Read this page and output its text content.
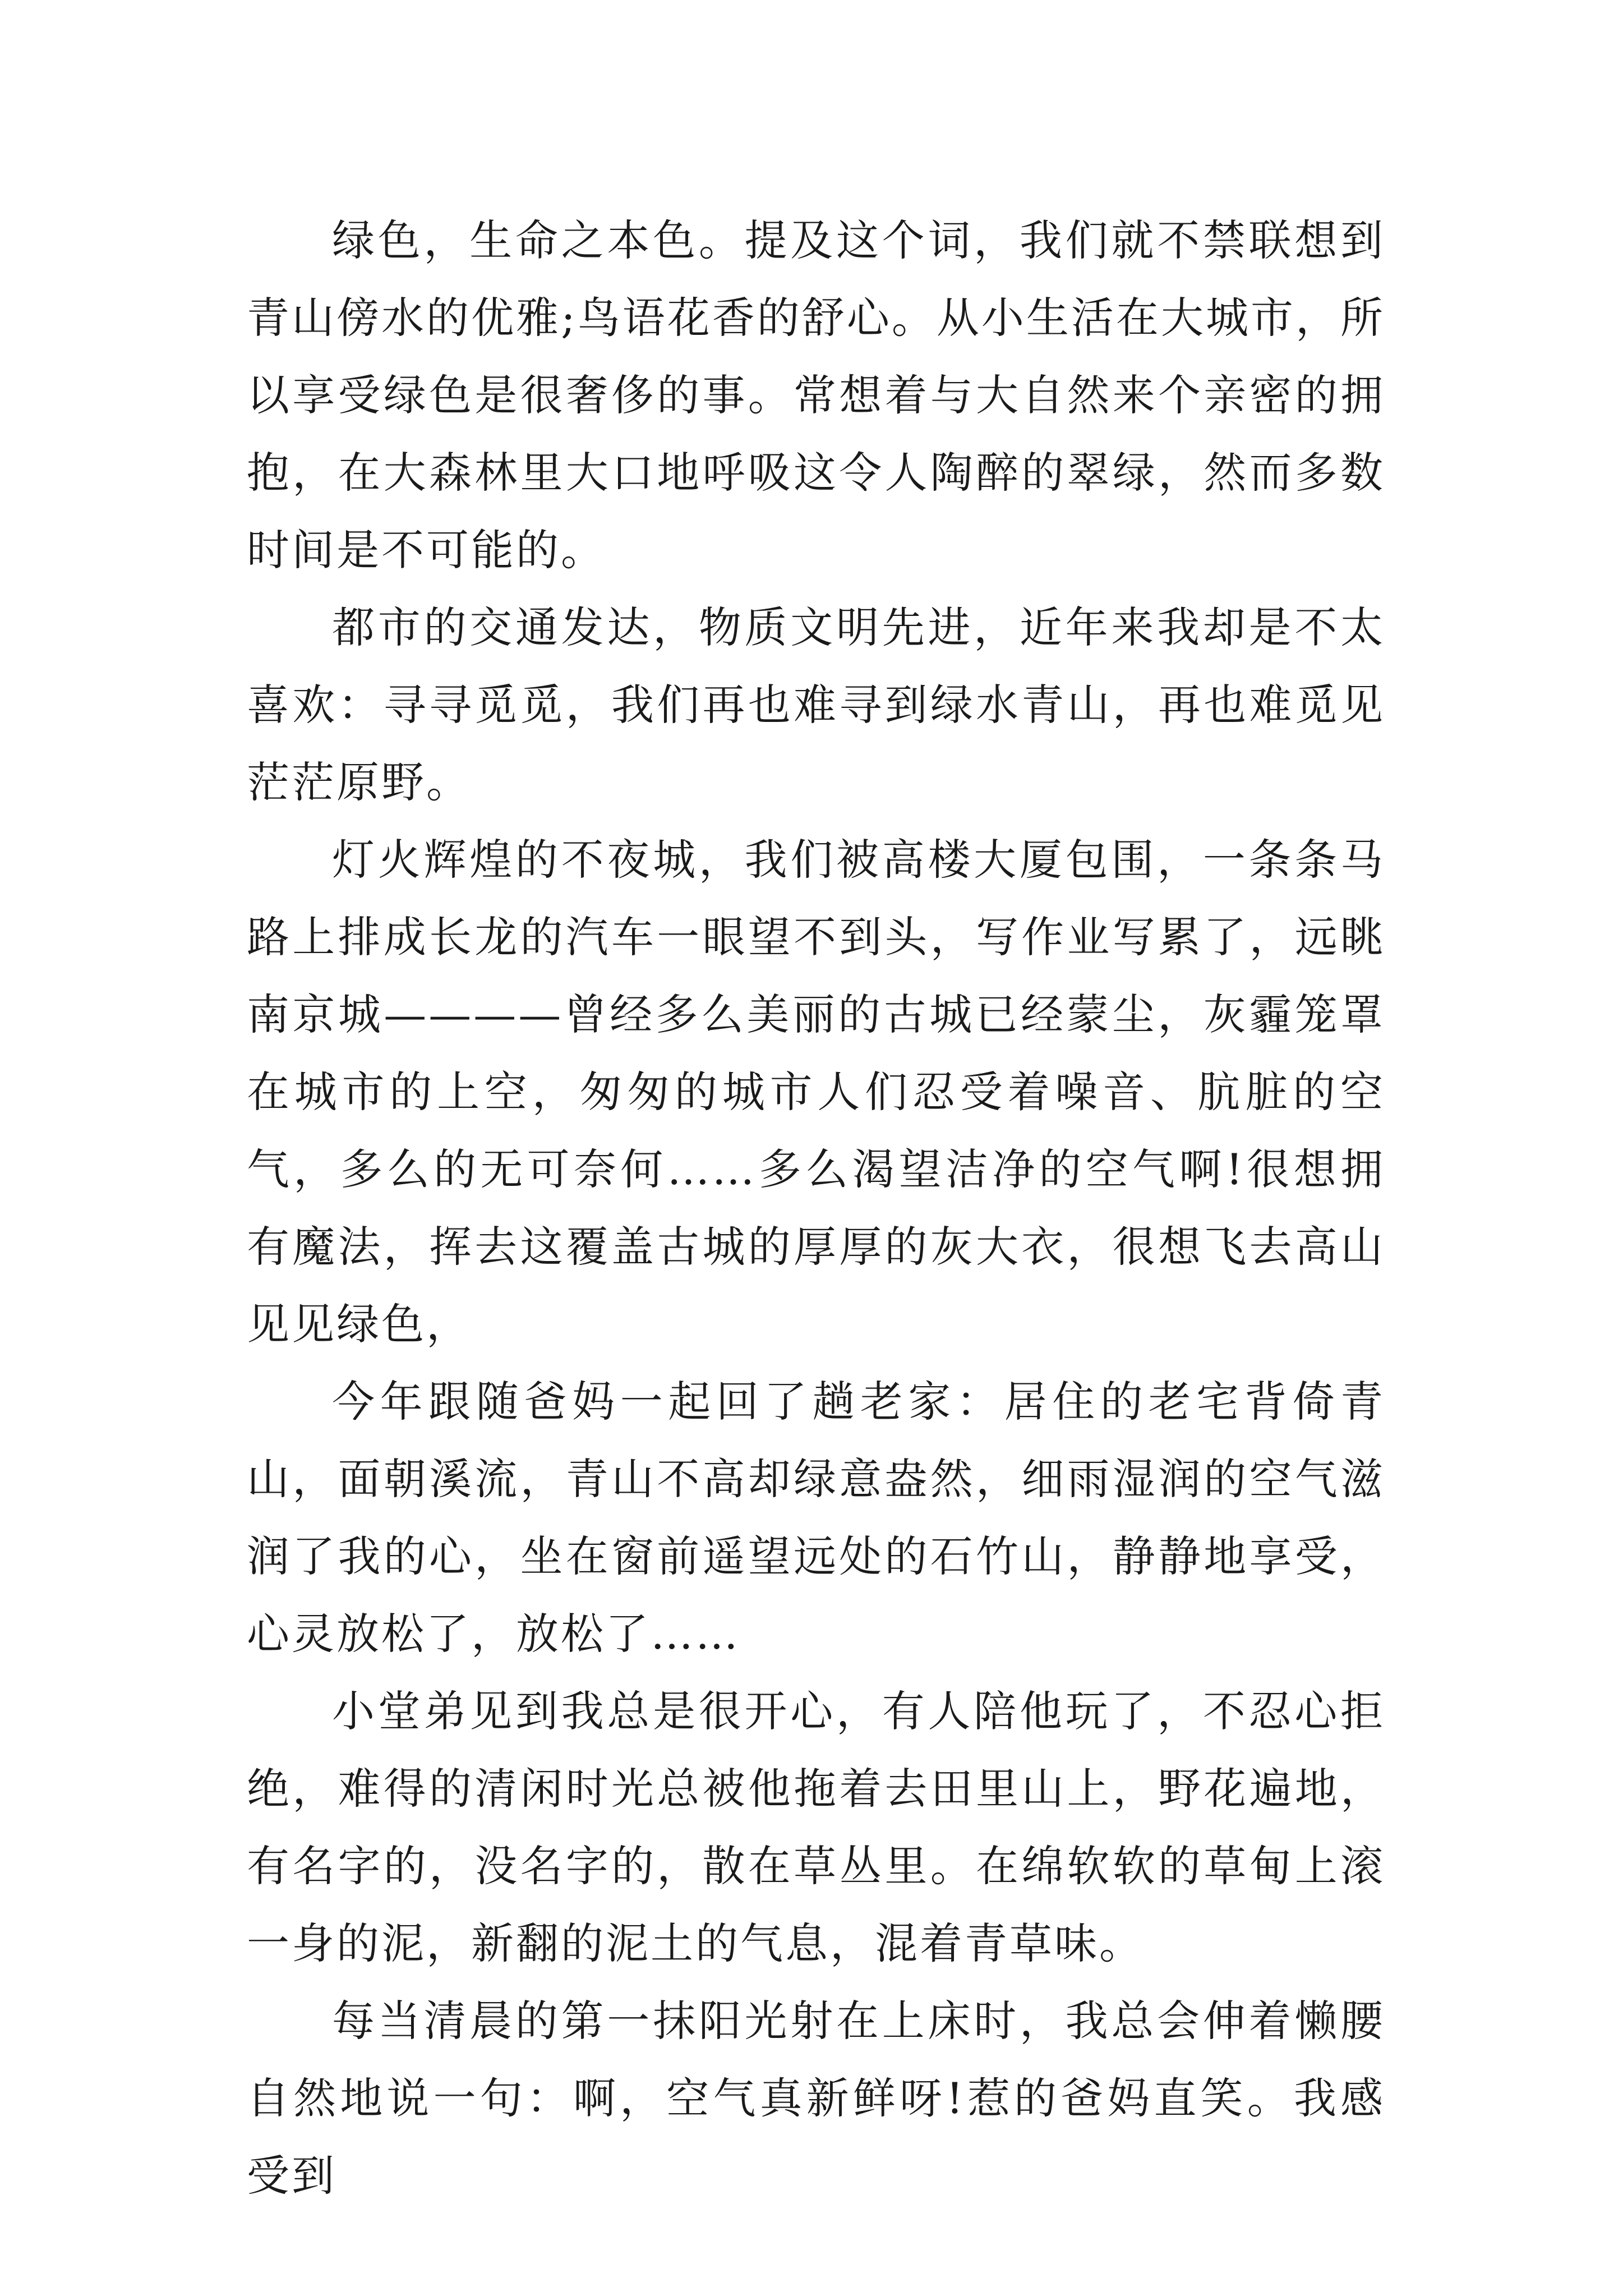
绿色，生命之本色。提及这个词，我们就不禁联想到青山傍水的优雅;鸟语花香的舒心。从小生活在大城市，所以享受绿色是很奢侈的事。常想着与大自然来个亲密的拥抱，在大森林里大口地呼吸这令人陶醉的翠绿，然而多数时间是不可能的。

都市的交通发达，物质文明先进，近年来我却是不太喜欢：寻寻觅觅，我们再也难寻到绿水青山，再也难觅见茫茫原野。

灯火辉煌的不夜城，我们被高楼大厦包围，一条条马路上排成长龙的汽车一眼望不到头，写作业写累了，远眺南京城————曾经多么美丽的古城已经蒙尘，灰霾笼罩在城市的上空，匆匆的城市人们忍受着噪音、肮脏的空气，多么的无可奈何……多么渴望洁净的空气啊!很想拥有魔法，挥去这覆盖古城的厚厚的灰大衣，很想飞去高山见见绿色，

今年跟随爸妈一起回了趟老家：居住的老宅背倚青山，面朝溪流，青山不高却绿意盎然，细雨湿润的空气滋润了我的心，坐在窗前遥望远处的石竹山，静静地享受，心灵放松了，放松了……

小堂弟见到我总是很开心，有人陪他玩了，不忍心拒绝，难得的清闲时光总被他拖着去田里山上，野花遍地，有名字的，没名字的，散在草丛里。在绵软软的草甸上滚一身的泥，新翻的泥土的气息，混着青草味。

每当清晨的第一抹阳光射在上床时，我总会伸着懒腰自然地说一句：啊，空气真新鲜呀!惹的爸妈直笑。我感受到
